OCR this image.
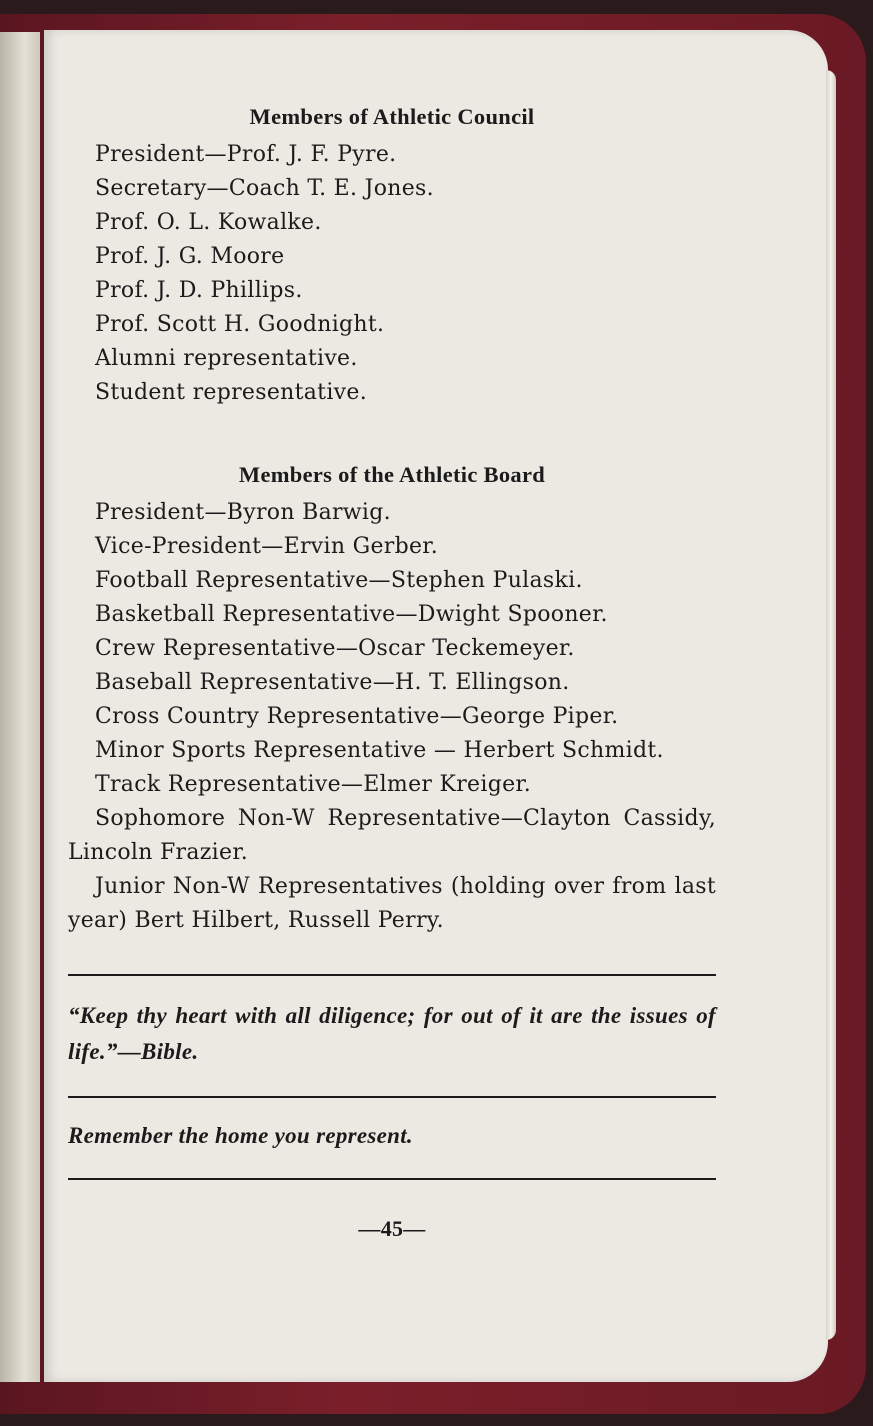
Members of Athletic Council
President—Prof. J. F. Pyre.
Secretary—Coach T. E. Jones.
Prof. O. L. Kowalke.
Prof. J. G. Moore
Prof. J. D. Phillips.
Prof. Scott H. Goodnight.
Alumni representative.
Student representative.
Members of the Athletic Board
President—Byron Barwig.
Vice-President—Ervin Gerber.
Football Representative—Stephen Pulaski.
Basketball Representative—Dwight Spooner.
Crew Representative—Oscar Teckemeyer.
Baseball Representative—H. T. Ellingson.
Cross Country Representative—George Piper.
Minor Sports Representative — Herbert Schmidt.
Track Representative—Elmer Kreiger.
Sophomore Non-W Representative—Clayton Cassidy, Lincoln Frazier.
Junior Non-W Representatives (holding over from last year) Bert Hilbert, Russell Perry.

“Keep thy heart with all diligence; for out of it are the issues of life.”—Bible.

Remember the home you represent.

—45—
